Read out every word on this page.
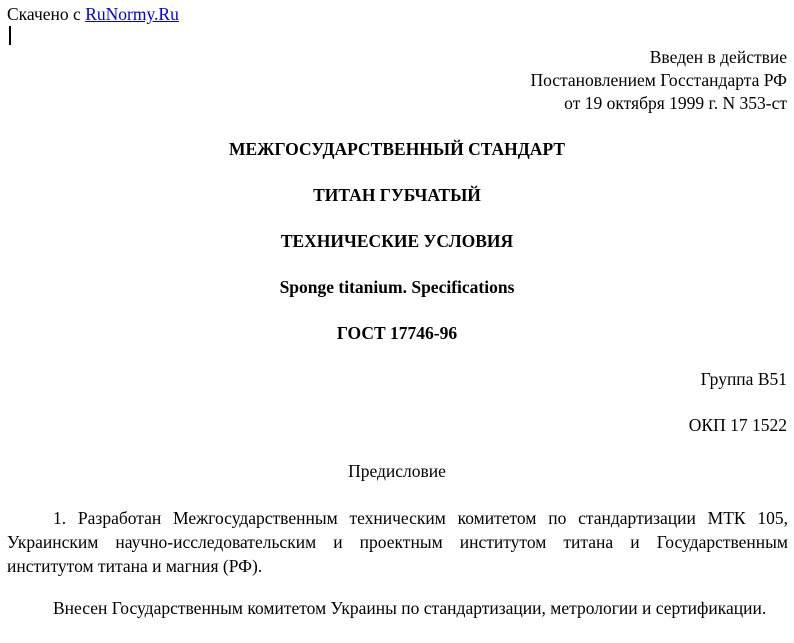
Скачено с RuNormy.Ru
Введен в действие
Постановлением Госстандарта РФ
от 19 октября 1999 г. N 353-ст
МЕЖГОСУДАРСТВЕННЫЙ СТАНДАРТ
ТИТАН ГУБЧАТЫЙ
ТЕХНИЧЕСКИЕ УСЛОВИЯ
Sponge titanium. Specifications
ГОСТ 17746-96
Группа В51
ОКП 17 1522
Предисловие
1. Разработан Межгосударственным техническим комитетом по стандартизации МТК 105, Украинским научно-исследовательским и проектным институтом титана и Государственным институтом титана и магния (РФ).
Внесен Государственным комитетом Украины по стандартизации, метрологии и сертификации.
